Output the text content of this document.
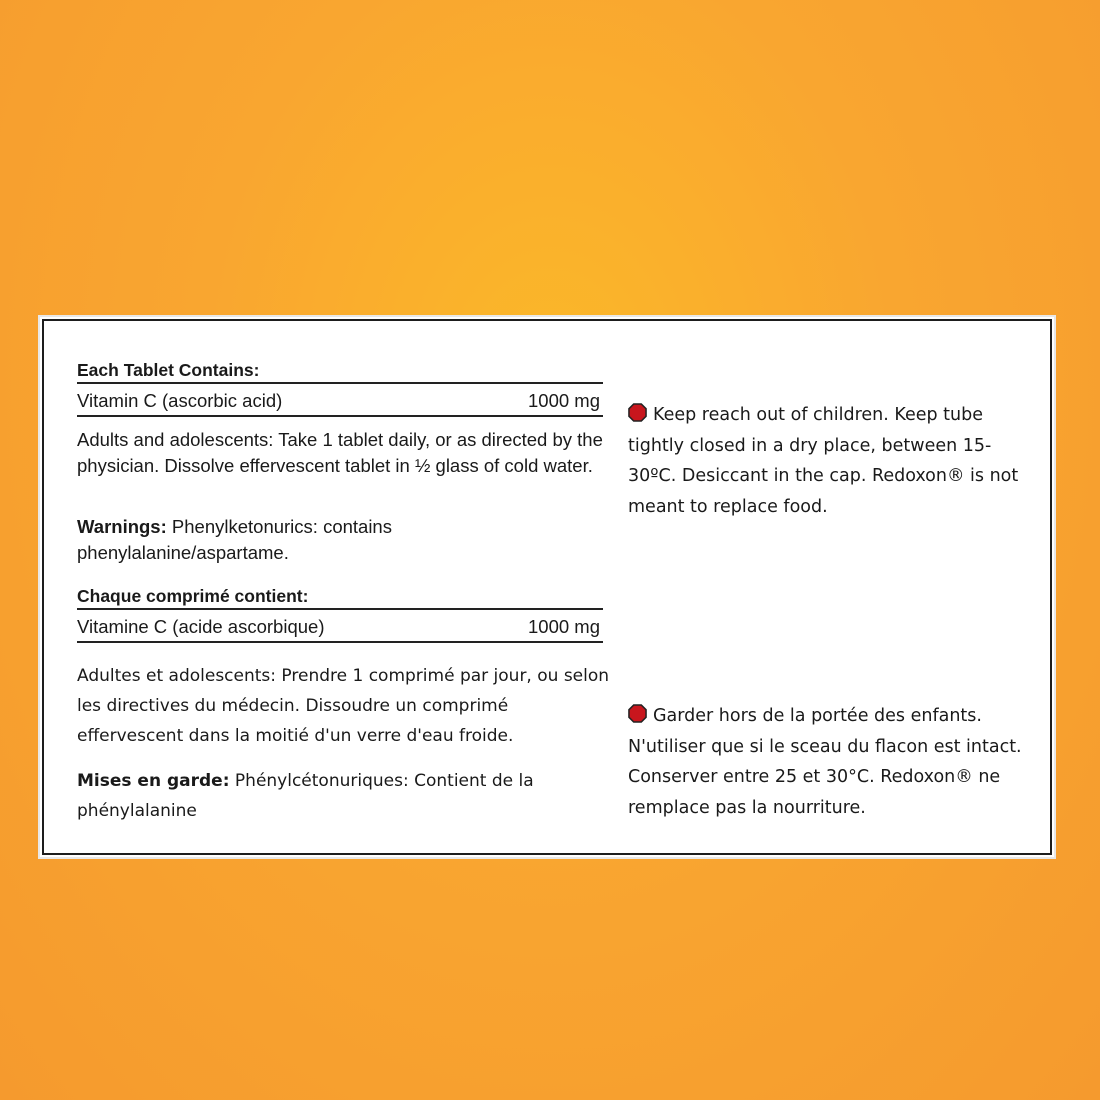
Each Tablet Contains:
Vitamin C (ascorbic acid)	1000 mg
Adults and adolescents: Take 1 tablet daily, or as directed by the physician. Dissolve effervescent tablet in ½ glass of cold water.
Warnings: Phenylketonurics: contains phenylalanine/aspartame.
Chaque comprimé contient:
Vitamine C (acide ascorbique)	1000 mg
Adultes et adolescents: Prendre 1 comprimé par jour, ou selon les directives du médecin. Dissoudre un comprimé effervescent dans la moitié d'un verre d'eau froide.
Mises en garde: Phénylcétonuriques: Contient de la phénylalanine
Keep reach out of children. Keep tube tightly closed in a dry place, between 15-30ºC. Desiccant in the cap. Redoxon® is not meant to replace food.
Garder hors de la portée des enfants. N'utiliser que si le sceau du flacon est intact. Conserver entre 25 et 30°C. Redoxon® ne remplace pas la nourriture.
